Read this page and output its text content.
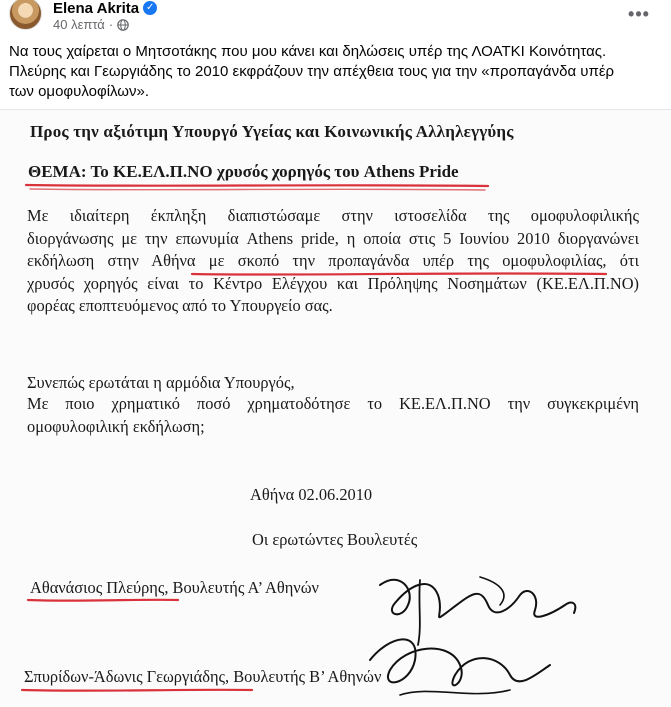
Elena Akrita ✓
40 λεπτά ·
•••

Να τους χαίρεται ο Μητσοτάκης που μου κάνει και δηλώσεις υπέρ της ΛΟΑΤΚΙ Κοινότητας.

Πλεύρης και Γεωργιάδης το 2010 εκφράζουν την απέχθεια τους για την «προπαγάνδα υπέρ

των ομοφυλοφίλων».

Προς την αξιότιμη Υπουργό Υγείας και Κοινωνικής Αλληλεγγύης
ΘΕΜΑ: Το ΚΕ.ΕΛ.Π.ΝΟ χρυσός χορηγός του Athens Pride
Με ιδιαίτερη έκπληξη διαπιστώσαμε στην ιστοσελίδα της ομοφυλοφιλικής
διοργάνωσης με την επωνυμία Athens pride, η οποία στις 5 Ιουνίου 2010 διοργανώνει
εκδήλωση στην Αθήνα με σκοπό την προπαγάνδα υπέρ της ομοφυλοφιλίας, ότι
χρυσός χορηγός είναι το Κέντρο Ελέγχου και Πρόληψης Νοσημάτων (ΚΕ.ΕΛ.Π.ΝΟ)
φορέας εποπτευόμενος από το Υπουργείο σας.
Συνεπώς ερωτάται η αρμόδια Υπουργός,
Με ποιο χρηματικό ποσό χρηματοδότησε το ΚΕ.ΕΛ.Π.ΝΟ την συγκεκριμένη
ομοφυλοφιλική εκδήλωση;
Αθήνα 02.06.2010
Οι ερωτώντες Βουλευτές
Αθανάσιος Πλεύρης, Βουλευτής Α’ Αθηνών
Σπυρίδων-Άδωνις Γεωργιάδης, Βουλευτής Β’ Αθηνών
